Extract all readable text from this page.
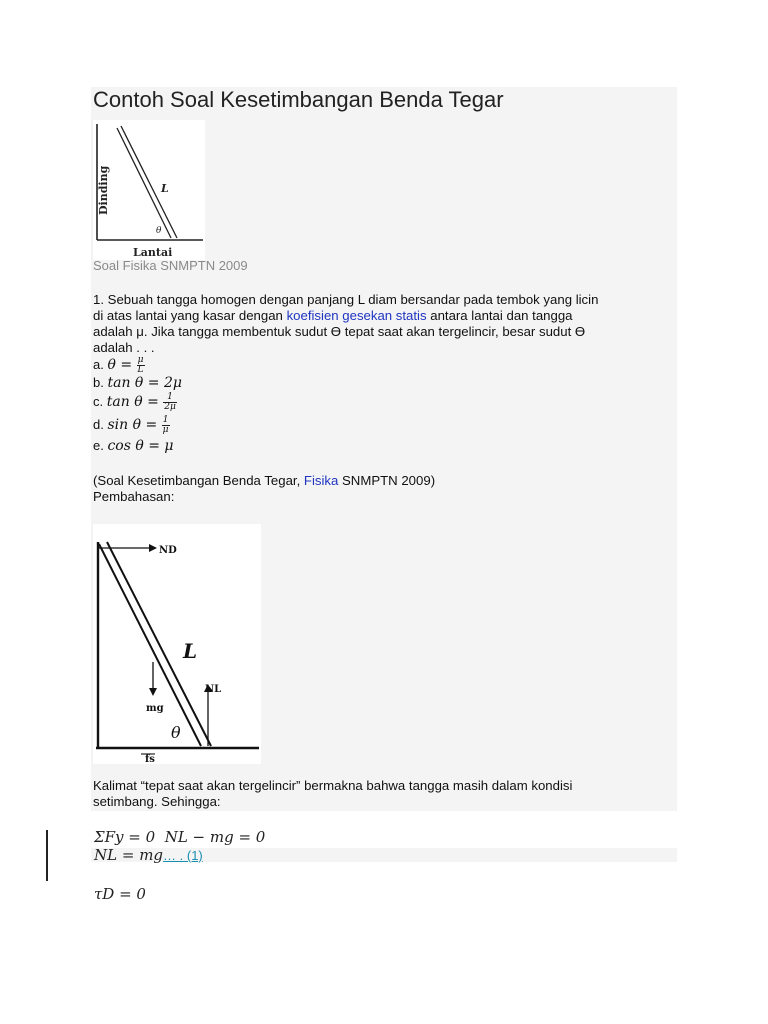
Contoh Soal Kesetimbangan Benda Tegar
Dinding	L
θ
Lantai
Soal Fisika SNMPTN 2009
1. Sebuah tangga homogen dengan panjang L diam bersandar pada tembok yang licin
di atas lantai yang kasar dengan koefisien gesekan statis antara lantai dan tangga
adalah μ. Jika tangga membentuk sudut ϴ tepat saat akan tergelincir, besar sudut ϴ
adalah . . .
a. $\theta = \frac{\mu}{L}$
b. tan θ = 2μ
c. $\tan \theta = \frac{1}{2\mu}$
d. $\sin \theta = \frac{1}{\mu}$
e. cos θ = μ
(Soal Kesetimbangan Benda Tegar, Fisika SNMPTN 2009)
Pembahasan:
ND
L
NL
mg
θ
fs
Kalimat “tepat saat akan tergelincir” bermakna bahwa tangga masih dalam kondisi
setimbang. Sehingga:
ΣFy = 0 NL − mg = 0
NL = mg… . (1)
τD = 0
